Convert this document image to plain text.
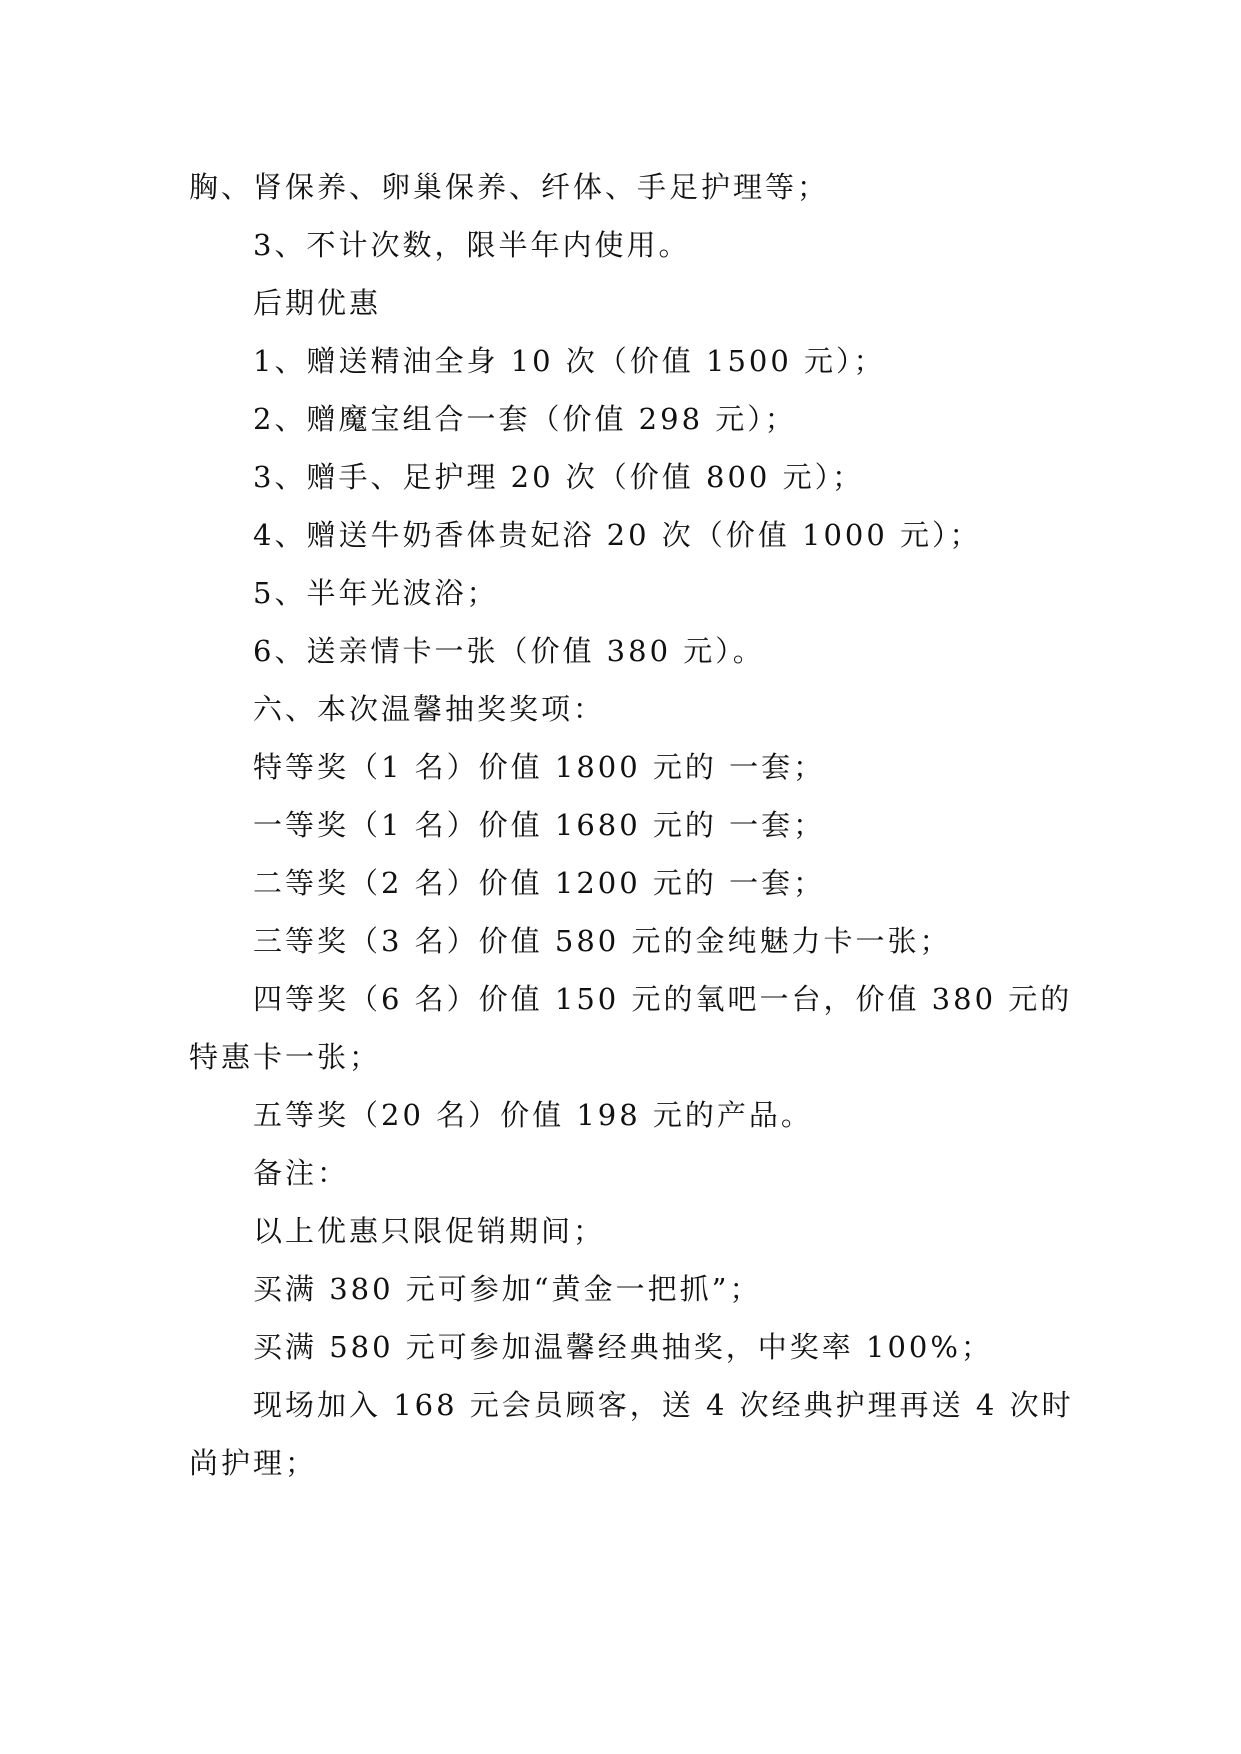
胸、肾保养、卵巢保养、纤体、手足护理等；

3、不计次数，限半年内使用。

后期优惠

1、赠送精油全身 10 次（价值 1500 元）；

2、赠魔宝组合一套（价值 298 元）；

3、赠手、足护理 20 次（价值 800 元）；

4、赠送牛奶香体贵妃浴 20 次（价值 1000 元）；

5、半年光波浴；

6、送亲情卡一张（价值 380 元）。

六、本次温馨抽奖奖项：

特等奖（1 名）价值 1800 元的 一套；

一等奖（1 名）价值 1680 元的 一套；

二等奖（2 名）价值 1200 元的 一套；

三等奖（3 名）价值 580 元的金纯魅力卡一张；

四等奖（6 名）价值 150 元的氧吧一台，价值 380 元的

特惠卡一张；

五等奖（20 名）价值 198 元的产品。

备注：

以上优惠只限促销期间；

买满 380 元可参加“黄金一把抓”；

买满 580 元可参加温馨经典抽奖，中奖率 100%；

现场加入 168 元会员顾客，送 4 次经典护理再送 4 次时

尚护理；
